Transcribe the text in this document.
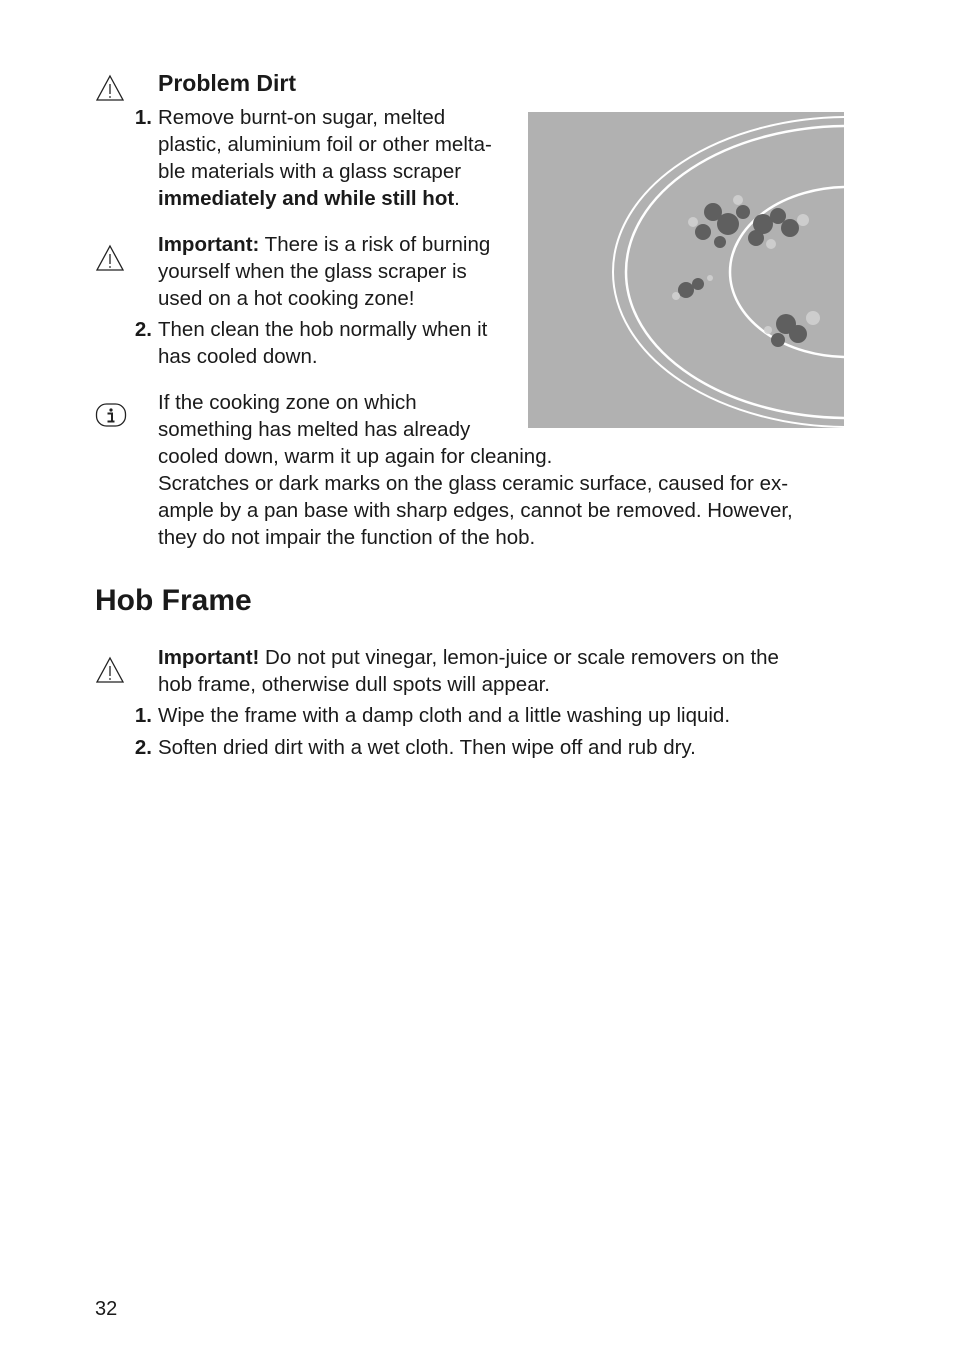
Problem Dirt
1. Remove burnt-on sugar, melted
plastic, aluminium foil or other melta-
ble materials with a glass scraper
immediately and while still hot.
Important: There is a risk of burning
yourself when the glass scraper is
used on a hot cooking zone!
2. Then clean the hob normally when it
has cooled down.
If the cooking zone on which
something has melted has already
cooled down, warm it up again for cleaning.
Scratches or dark marks on the glass ceramic surface, caused for ex-
ample by a pan base with sharp edges, cannot be removed. However,
they do not impair the function of the hob.
Hob Frame
Important! Do not put vinegar, lemon-juice or scale removers on the
hob frame, otherwise dull spots will appear.
1. Wipe the frame with a damp cloth and a little washing up liquid.
2. Soften dried dirt with a wet cloth. Then wipe off and rub dry.
32
